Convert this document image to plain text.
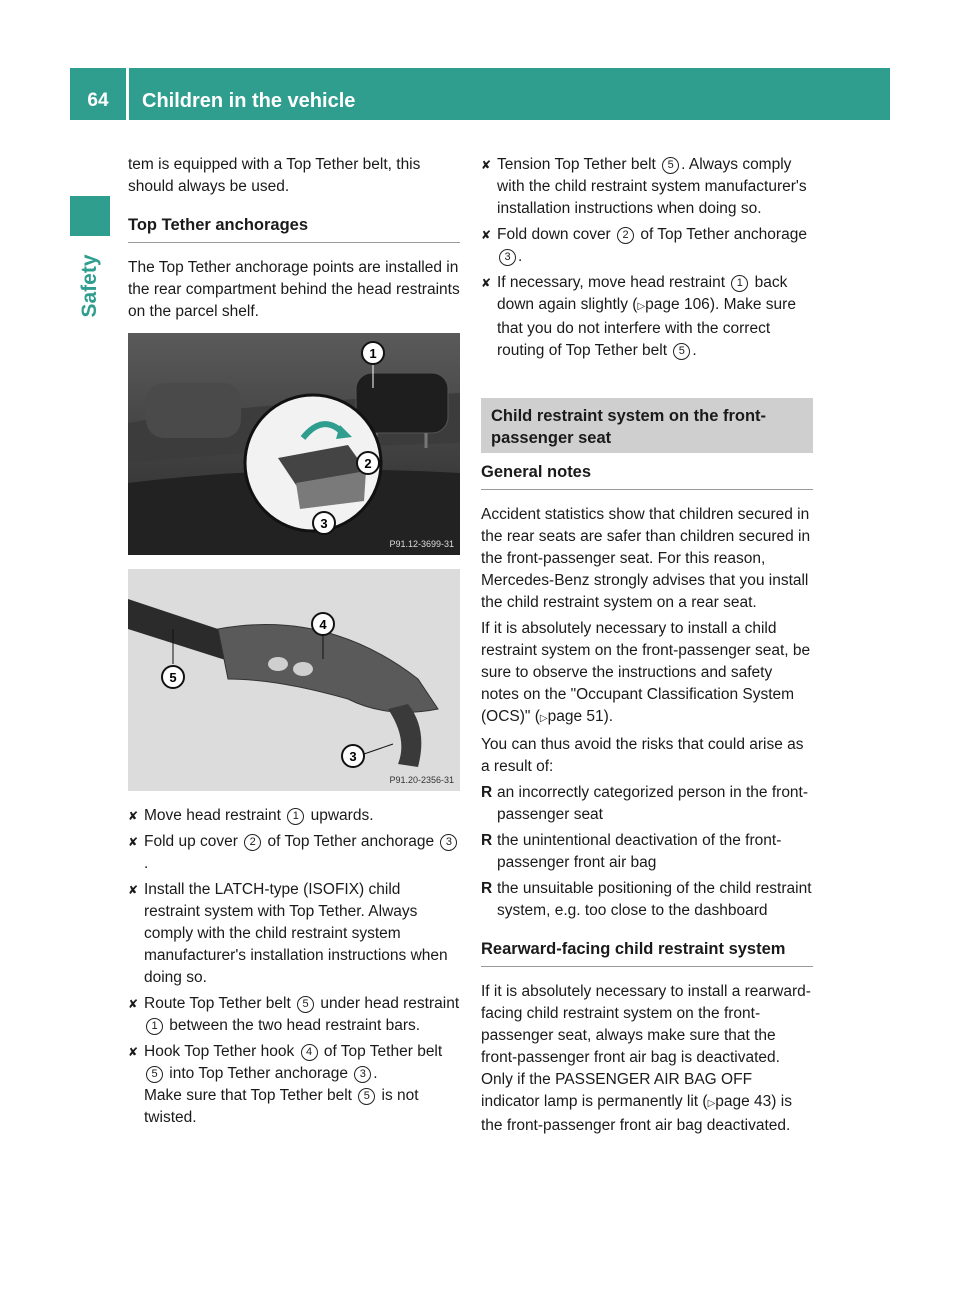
64	Children in the vehicle
Safety

tem is equipped with a Top Tether belt, this should always be used.

Top Tether anchorages

The Top Tether anchorage points are installed in the rear compartment behind the head restraints on the parcel shelf.

1
2
3
P91.12-3699-31
4
5
3
P91.20-2356-31
✘ Move head restraint 1 upwards.
✘ Fold up cover 2 of Top Tether anchorage 3.
✘ Install the LATCH-type (ISOFIX) child restraint system with Top Tether. Always comply with the child restraint system manufacturer's installation instructions when doing so.
✘ Route Top Tether belt 5 under head restraint 1 between the two head restraint bars.
✘ Hook Top Tether hook 4 of Top Tether belt 5 into Top Tether anchorage 3 .
Make sure that Top Tether belt 5 is not twisted.
✘ Tension Top Tether belt 5 . Always comply with the child restraint system manufacturer's installation instructions when doing so.
✘ Fold down cover 2 of Top Tether anchorage 3 .
✘ If necessary, move head restraint 1 back down again slightly (▷page 106). Make sure that you do not interfere with the correct routing of Top Tether belt 5 .
Child restraint system on the front-passenger seat
General notes

Accident statistics show that children secured in the rear seats are safer than children secured in the front-passenger seat. For this reason, Mercedes-Benz strongly advises that you install the child restraint system on a rear seat.

If it is absolutely necessary to install a child restraint system on the front-passenger seat, be sure to observe the instructions and safety notes on the "Occupant Classification System (OCS)" (▷page 51).

You can thus avoid the risks that could arise as a result of:

R an incorrectly categorized person in the front-passenger seat
R the unintentional deactivation of the front-passenger front air bag
R the unsuitable positioning of the child restraint system, e.g. too close to the dashboard
Rearward-facing child restraint system

If it is absolutely necessary to install a rearward-facing child restraint system on the front-passenger seat, always make sure that the front-passenger front air bag is deactivated. Only if the PASSENGER AIR BAG OFF indicator lamp is permanently lit (▷page 43) is the front-passenger front air bag deactivated.
